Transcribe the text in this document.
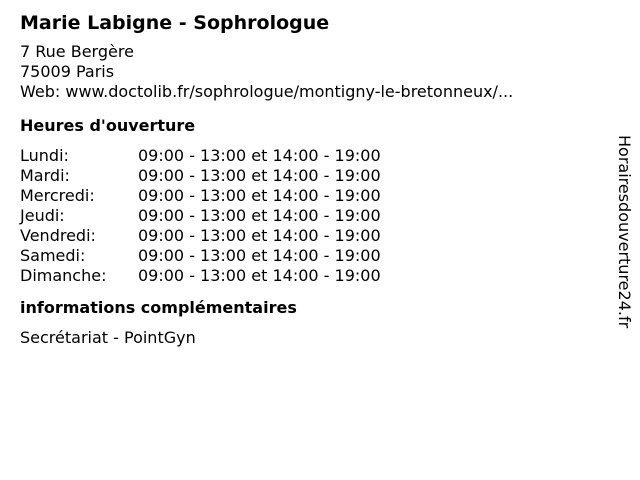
Marie Labigne - Sophrologue
7 Rue Bergère
75009 Paris
Web: www.doctolib.fr/sophrologue/montigny-le-bretonneux/...
Heures d'ouverture
Lundi:	09:00 - 13:00 et 14:00 - 19:00
Mardi:	09:00 - 13:00 et 14:00 - 19:00
Mercredi:	09:00 - 13:00 et 14:00 - 19:00
Jeudi:	09:00 - 13:00 et 14:00 - 19:00
Vendredi:	09:00 - 13:00 et 14:00 - 19:00
Samedi:	09:00 - 13:00 et 14:00 - 19:00
Dimanche:	09:00 - 13:00 et 14:00 - 19:00
informations complémentaires
Secrétariat - PointGyn
Horairesdouverture24.fr
